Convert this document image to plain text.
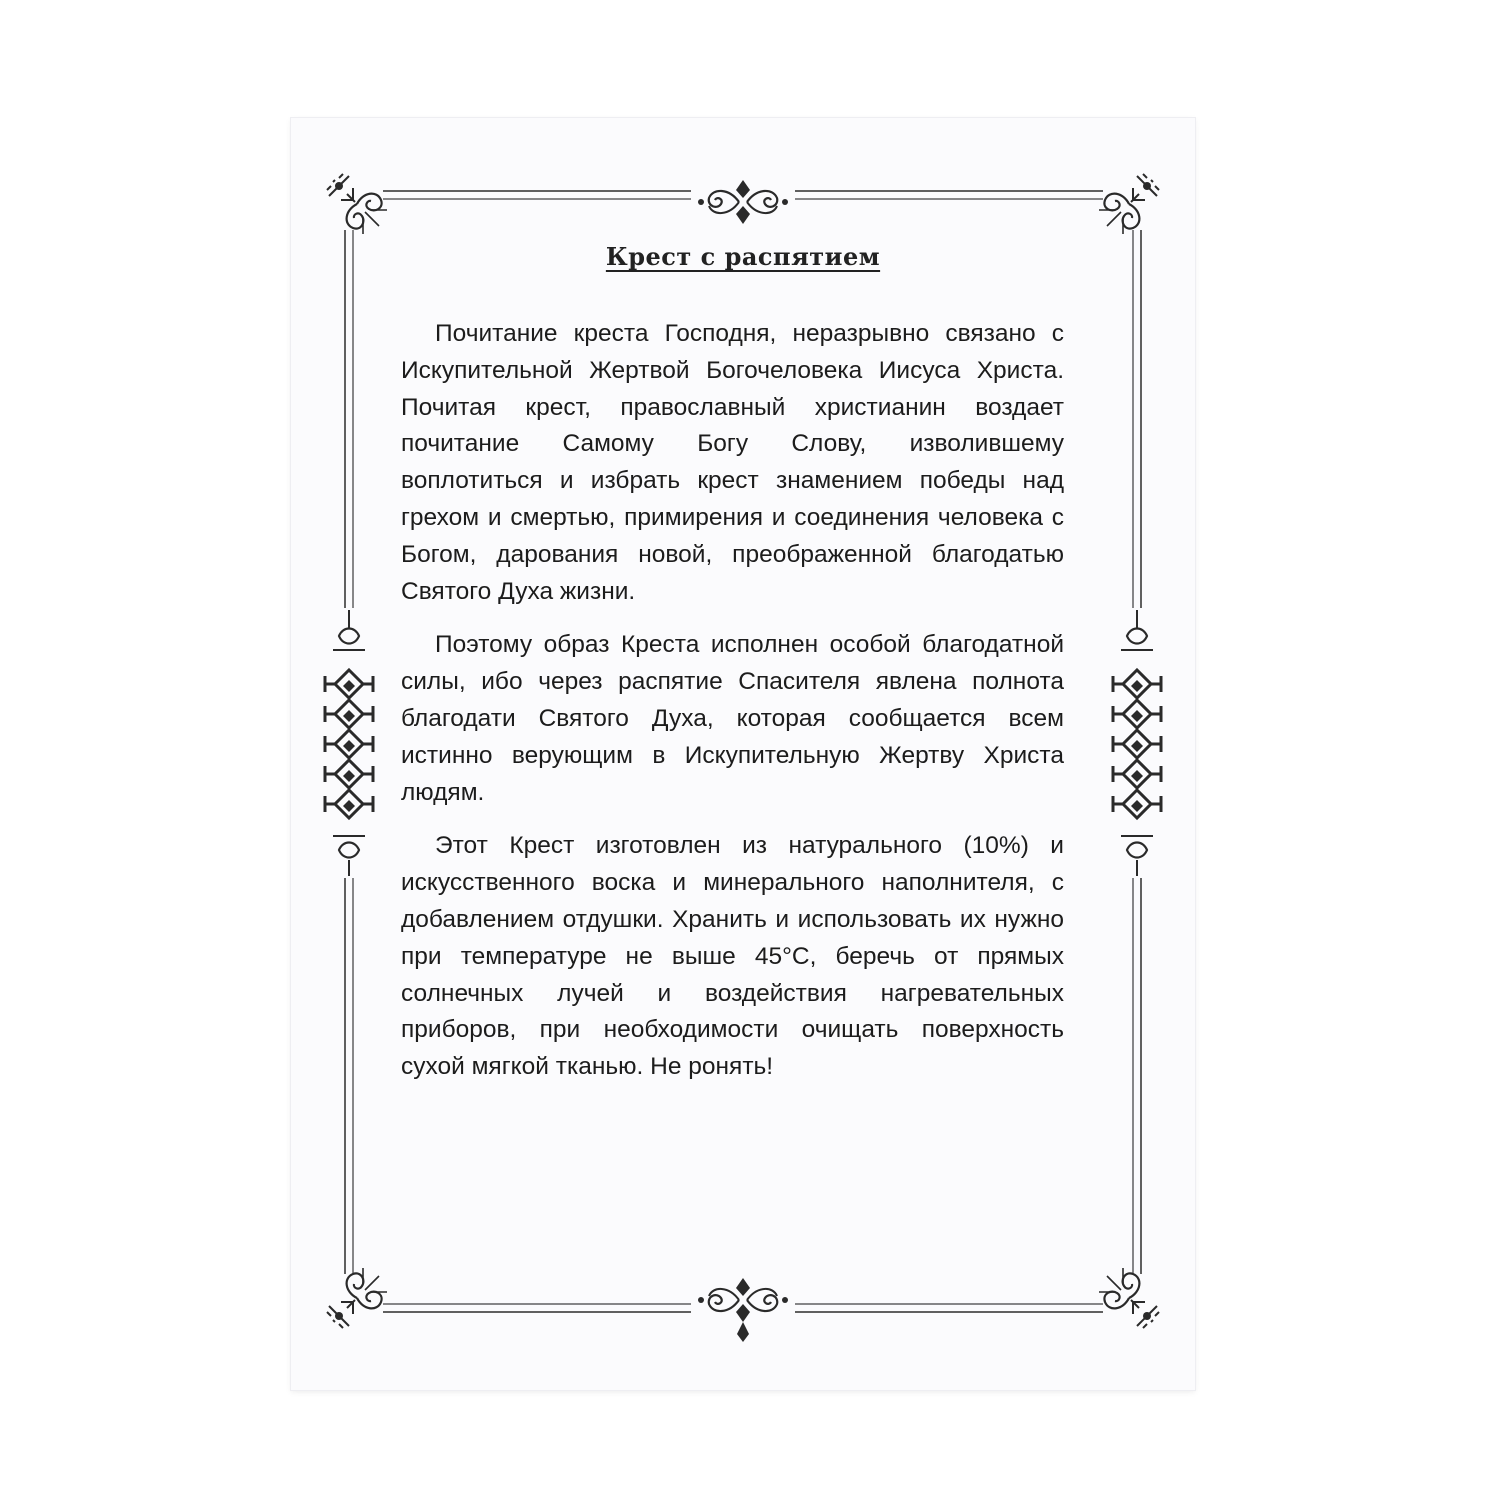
Крест с распятием

Почитание креста Господня, неразрывно связано с Искупительной Жертвой Богочеловека Иисуса Христа. Почитая крест, православный христианин воздает почитание Самому Богу Слову, изволившему воплотиться и избрать крест знамением победы над грехом и смертью, примирения и соединения человека с Богом, дарования новой, преображенной благодатью Святого Духа жизни.

Поэтому образ Креста исполнен особой благодатной силы, ибо через распятие Спасителя явлена полнота благодати Святого Духа, которая сообщается всем истинно верующим в Искупительную Жертву Христа людям.

Этот Крест изготовлен из натурального (10%) и искусственного воска и минерального наполнителя, с добавлением отдушки. Хранить и использовать их нужно при температуре не выше 45°С, беречь от прямых солнечных лучей и воздействия нагревательных приборов, при необходимости очищать поверхность сухой мягкой тканью. Не ронять!
